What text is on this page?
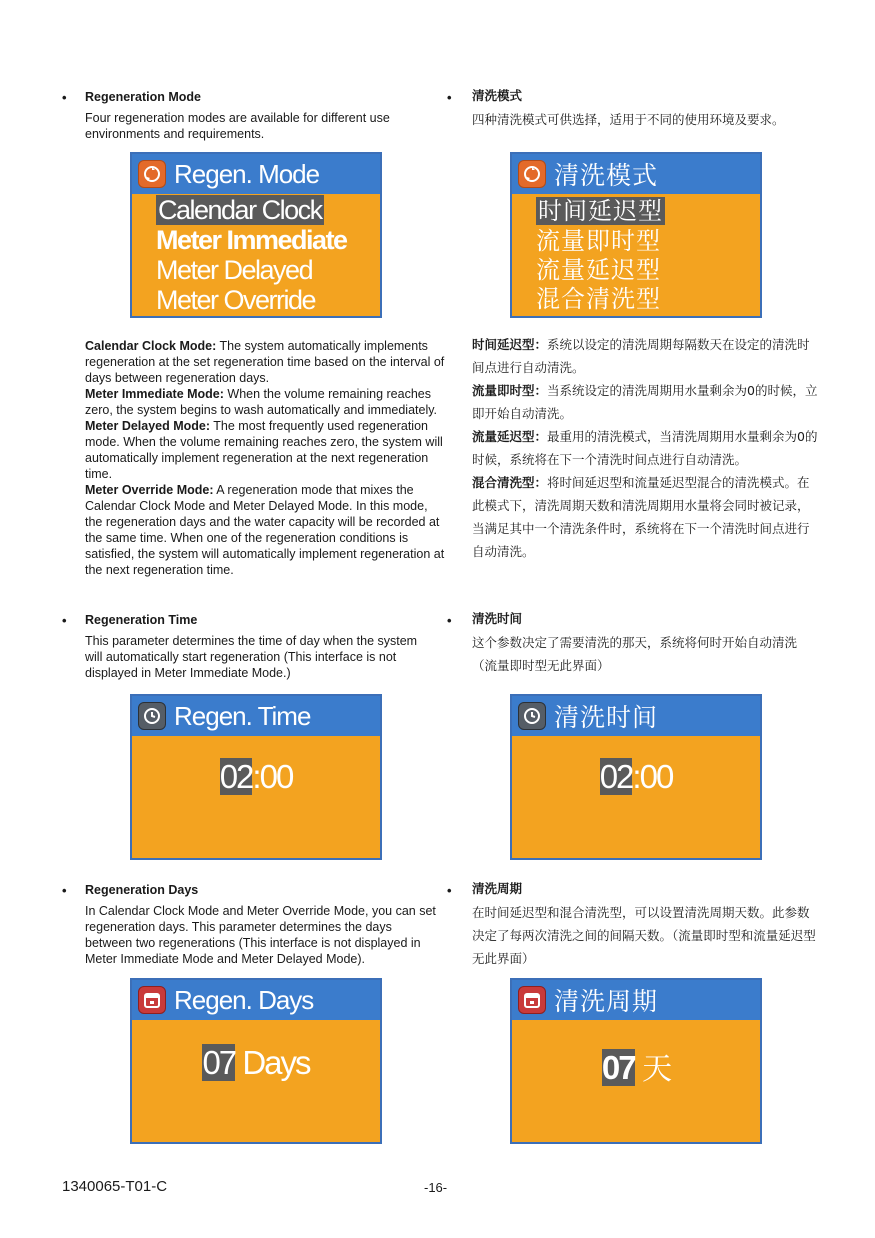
• Regeneration Mode
Four regeneration modes are available for different use environments and requirements.
• 清洗模式
四种清洗模式可供选择，适用于不同的使用环境及要求。
Regen. Mode
Calendar Clock
Meter Immediate
Meter Delayed
Meter Override
清洗模式
时间延迟型
流量即时型
流量延迟型
混合清洗型
Calendar Clock Mode: The system automatically implements regeneration at the set regeneration time based on the interval of days between regeneration days.
Meter Immediate Mode: When the volume remaining reaches zero, the system begins to wash automatically and immediately.
Meter Delayed Mode: The most frequently used regeneration mode. When the volume remaining reaches zero, the system will automatically implement regeneration at the next regeneration time.
Meter Override Mode: A regeneration mode that mixes the Calendar Clock Mode and Meter Delayed Mode. In this mode, the regeneration days and the water capacity will be recorded at the same time. When one of the regeneration conditions is satisfied, the system will automatically implement regeneration at the next regeneration time.
时间延迟型：系统以设定的清洗周期每隔数天在设定的清洗时间点进行自动清洗。
流量即时型：当系统设定的清洗周期用水量剩余为0的时候，立即开始自动清洗。
流量延迟型：最重用的清洗模式，当清洗周期用水量剩余为0的时候，系统将在下一个清洗时间点进行自动清洗。
混合清洗型：将时间延迟型和流量延迟型混合的清洗模式。在此模式下，清洗周期天数和清洗周期用水量将会同时被记录，当满足其中一个清洗条件时，系统将在下一个清洗时间点进行自动清洗。
• Regeneration Time
This parameter determines the time of day when the system will automatically start regeneration (This interface is not displayed in Meter Immediate Mode.)
• 清洗时间
这个参数决定了需要清洗的那天，系统将何时开始自动清洗（流量即时型无此界面）
Regen. Time
02:00
清洗时间
02:00
• Regeneration Days
In Calendar Clock Mode and Meter Override Mode, you can set regeneration days. This parameter determines the days between two regenerations (This interface is not displayed in Meter Immediate Mode and Meter Delayed Mode).
• 清洗周期
在时间延迟型和混合清洗型，可以设置清洗周期天数。此参数决定了每两次清洗之间的间隔天数。（流量即时型和流量延迟型无此界面）
Regen. Days
07 Days
清洗周期
07 天
1340065-T01-C	-16-
